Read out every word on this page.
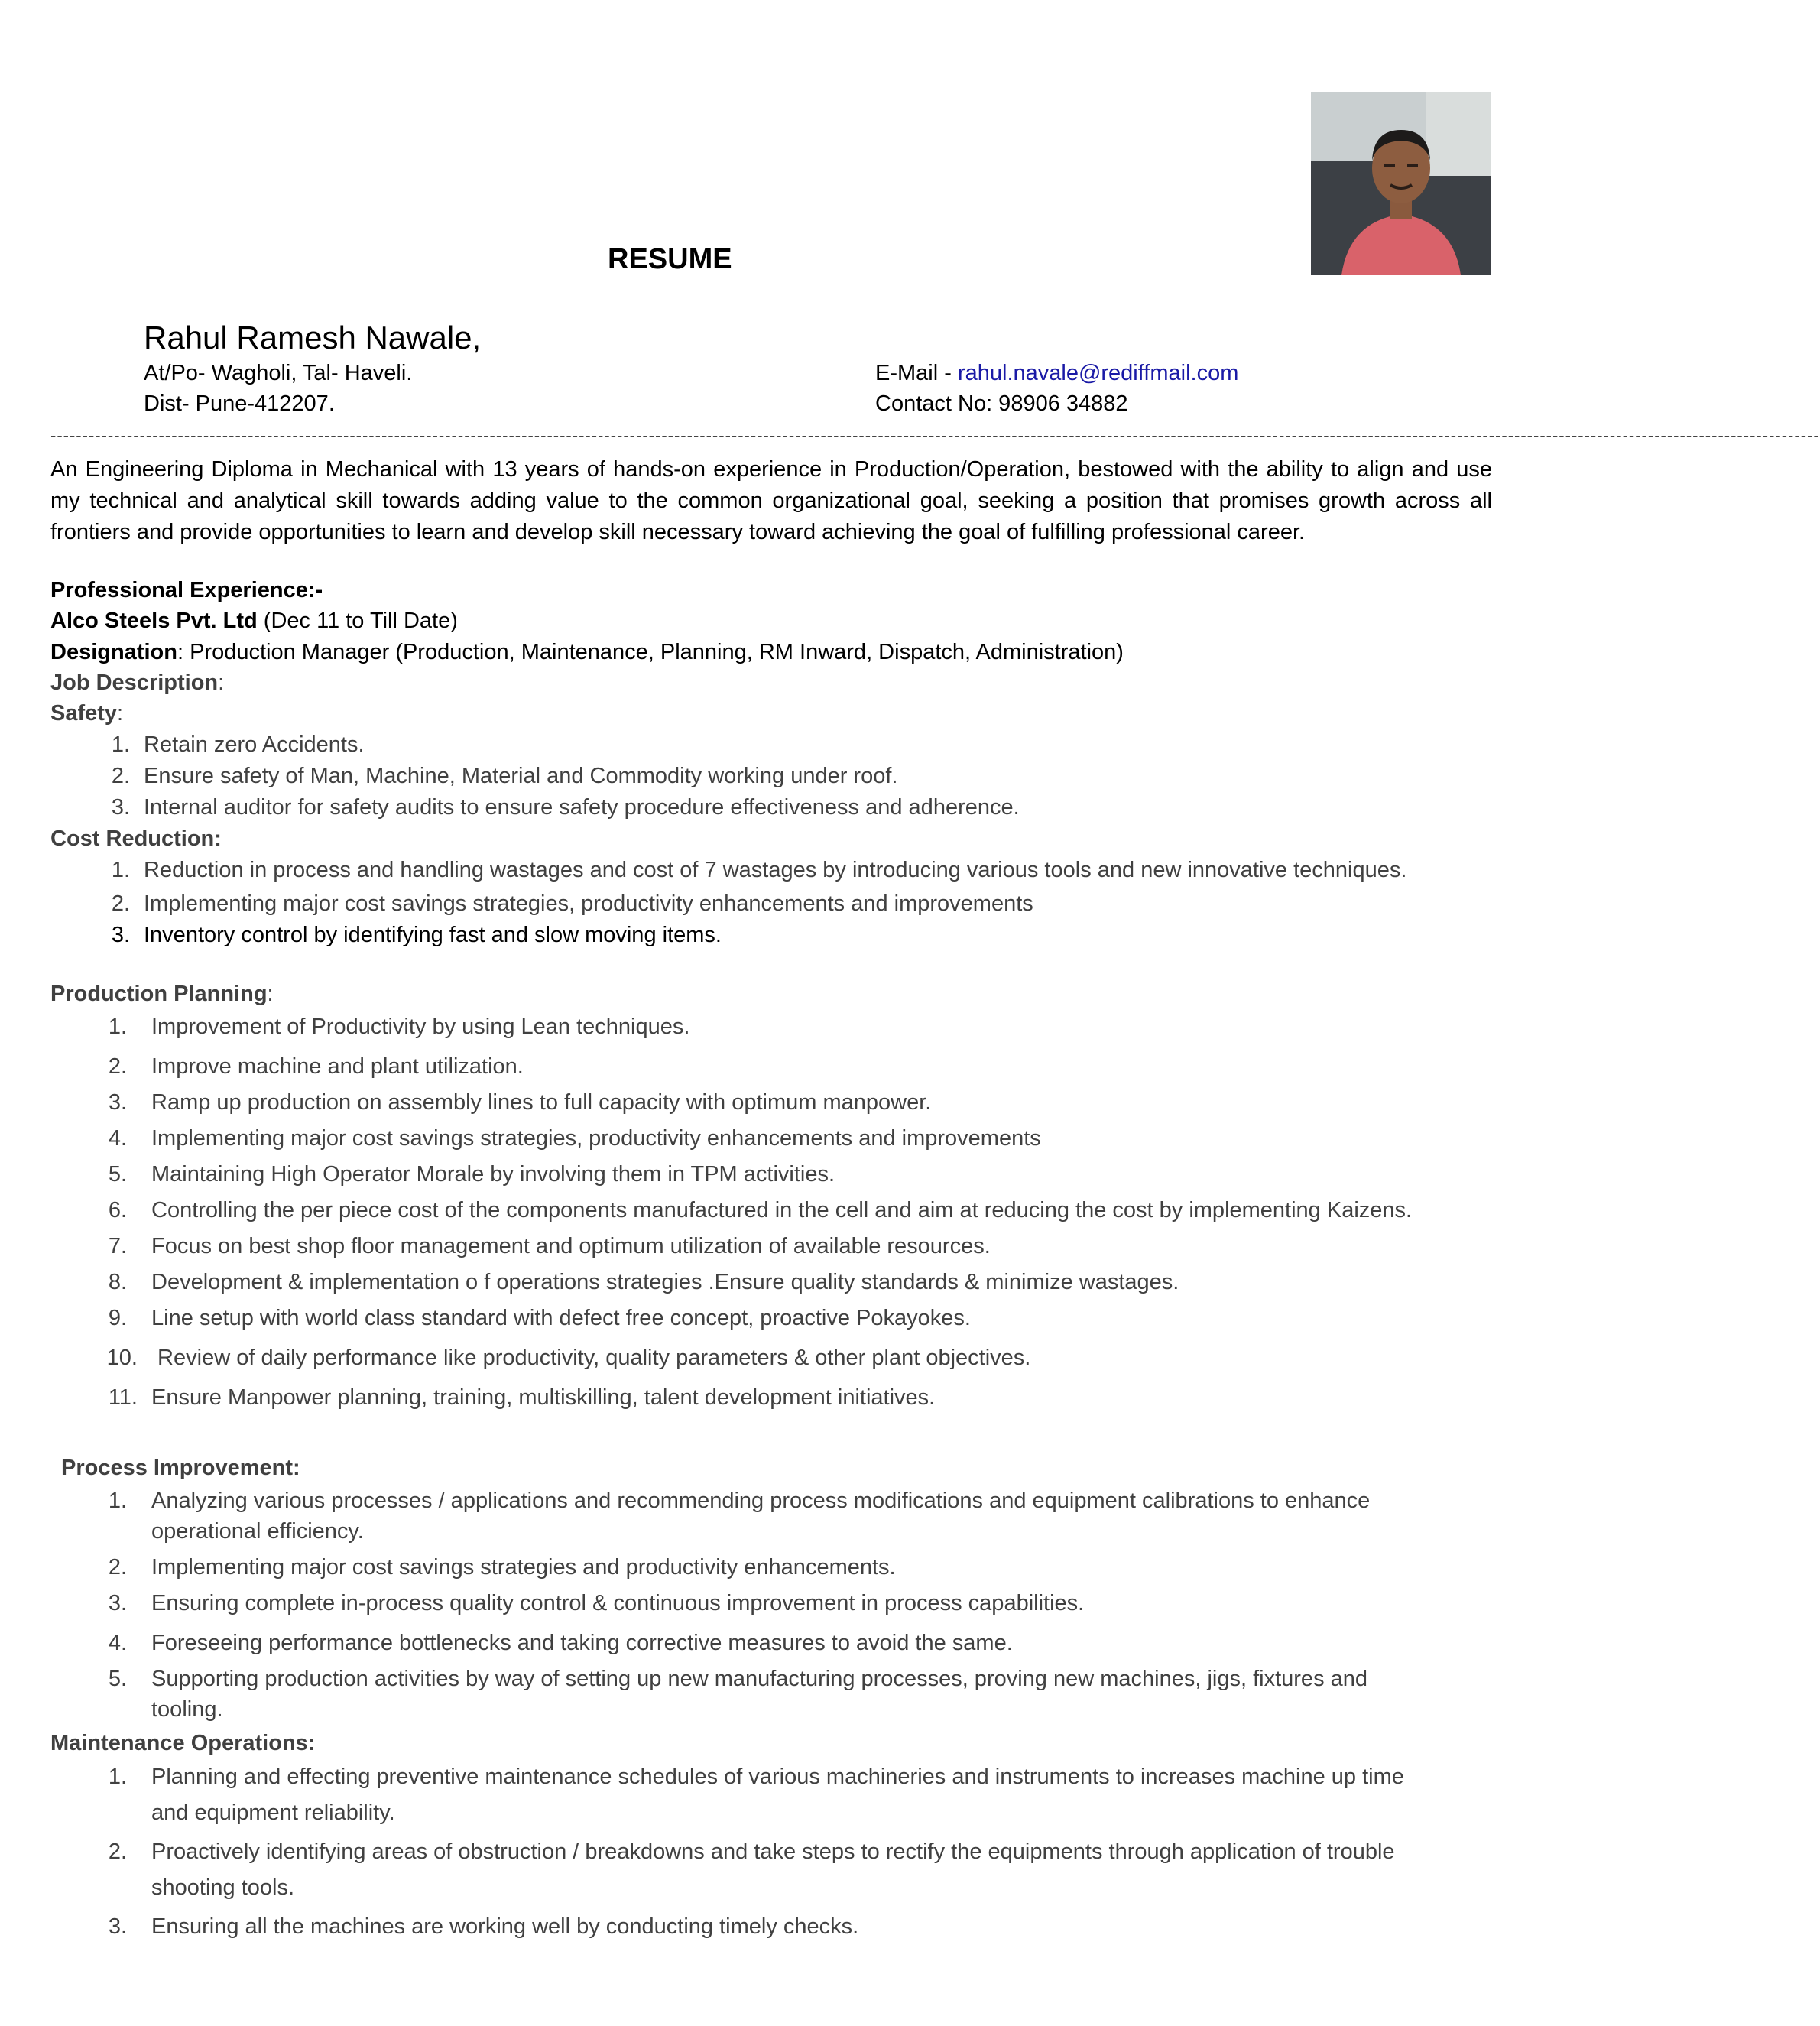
RESUME
Rahul Ramesh Nawale,
At/Po- Wagholi, Tal- Haveli.
Dist- Pune-412207.
E-Mail - rahul.navale@rediffmail.com
Contact No: 98906 34882
--------------------------------------------------------------------------------------------------------------------------------------------------------------------------------------------------------------------------------------------------------------------------------------
An Engineering Diploma in Mechanical with 13 years of hands-on experience in Production/Operation, bestowed with the ability to align and use my technical and analytical skill towards adding value to the common organizational goal, seeking a position that promises growth across all frontiers and provide opportunities to learn and develop skill necessary toward achieving the goal of fulfilling professional career.
Professional Experience:-
Alco Steels Pvt. Ltd (Dec 11 to Till Date)
Designation: Production Manager (Production, Maintenance, Planning, RM Inward, Dispatch, Administration)
Job Description:
Safety:
1. Retain zero Accidents.
2. Ensure safety of Man, Machine, Material and Commodity working under roof.
3. Internal auditor for safety audits to ensure safety procedure effectiveness and adherence.
Cost Reduction:
1. Reduction in process and handling wastages and cost of 7 wastages by introducing various tools and new innovative techniques.
2. Implementing major cost savings strategies, productivity enhancements and improvements
3. Inventory control by identifying fast and slow moving items.
Production Planning:
1. Improvement of Productivity by using Lean techniques.
2. Improve machine and plant utilization.
3. Ramp up production on assembly lines to full capacity with optimum manpower.
4. Implementing major cost savings strategies, productivity enhancements and improvements
5. Maintaining High Operator Morale by involving them in TPM activities.
6. Controlling the per piece cost of the components manufactured in the cell and aim at reducing the cost by implementing Kaizens.
7. Focus on best shop floor management and optimum utilization of available resources.
8. Development & implementation o f operations strategies .Ensure quality standards & minimize wastages.
9. Line setup with world class standard with defect free concept, proactive Pokayokes.
10. Review of daily performance like productivity, quality parameters & other plant objectives.
11. Ensure Manpower planning, training, multiskilling, talent development initiatives.
Process Improvement:
1. Analyzing various processes / applications and recommending process modifications and equipment calibrations to enhance
operational efficiency.
2. Implementing major cost savings strategies and productivity enhancements.
3. Ensuring complete in-process quality control & continuous improvement in process capabilities.
4. Foreseeing performance bottlenecks and taking corrective measures to avoid the same.
5. Supporting production activities by way of setting up new manufacturing processes, proving new machines, jigs, fixtures and
tooling.
Maintenance Operations:
1. Planning and effecting preventive maintenance schedules of various machineries and instruments to increases machine up time
and equipment reliability.
2. Proactively identifying areas of obstruction / breakdowns and take steps to rectify the equipments through application of trouble
shooting tools.
3. Ensuring all the machines are working well by conducting timely checks.
